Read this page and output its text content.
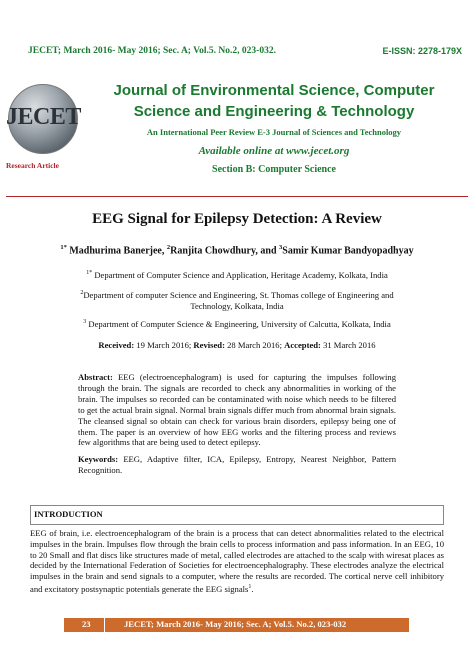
JECET; March 2016- May 2016; Sec. A; Vol.5. No.2, 023-032.	E-ISSN: 2278-179X
JECET
Research Article
Journal of Environmental Science, Computer Science and Engineering & Technology
An International Peer Review E-3 Journal of Sciences and Technology
Available online at www.jecet.org
Section B: Computer Science
EEG Signal for Epilepsy Detection: A Review
$^{1*}$ Madhurima Banerjee, $^2$Ranjita Chowdhury, and $^3$Samir Kumar Bandyopadhyay
$^{1*}$ Department of Computer Science and Application, Heritage Academy, Kolkata, India
$^2$Department of computer Science and Engineering, St. Thomas college of Engineering and Technology, Kolkata, India
$^3$ Department of Computer Science & Engineering, University of Calcutta, Kolkata, India
Received: 19 March 2016; Revised: 28 March 2016; Accepted: 31 March 2016

Abstract: EEG (electroencephalogram) is used for capturing the impulses following through the brain. The signals are recorded to check any abnormalities in working of the brain. The impulses so recorded can be contaminated with noise which needs to be filtered to get the actual brain signal. Normal brain signals differ much from abnormal brain signals. The cleansed signal so obtain can check for various brain disorders, epilepsy being one of them. The paper is an overview of how EEG works and the filtering process and reviews few algorithms that are being used to detect epilepsy.

Keywords: EEG, Adaptive filter, ICA, Epilepsy, Entropy, Nearest Neighbor, Pattern Recognition.

INTRODUCTION
EEG of brain, i.e. electroencephalogram of the brain is a process that can detect abnormalities related to the electrical impulses in the brain. Impulses flow through the brain cells to process information and pass information. In an EEG, 10 to 20 Small and flat discs like structures made of metal, called electrodes are attached to the scalp with wiresat places as decided by the International Federation of Societies for electroencephalography. These electrodes analyze the electrical impulses in the brain and send signals to a computer, where the results are recorded. The cortical nerve cell inhibitory and excitatory postsynaptic potentials generate the EEG signals$^1$.
23	JECET; March 2016- May 2016; Sec. A; Vol.5. No.2, 023-032
